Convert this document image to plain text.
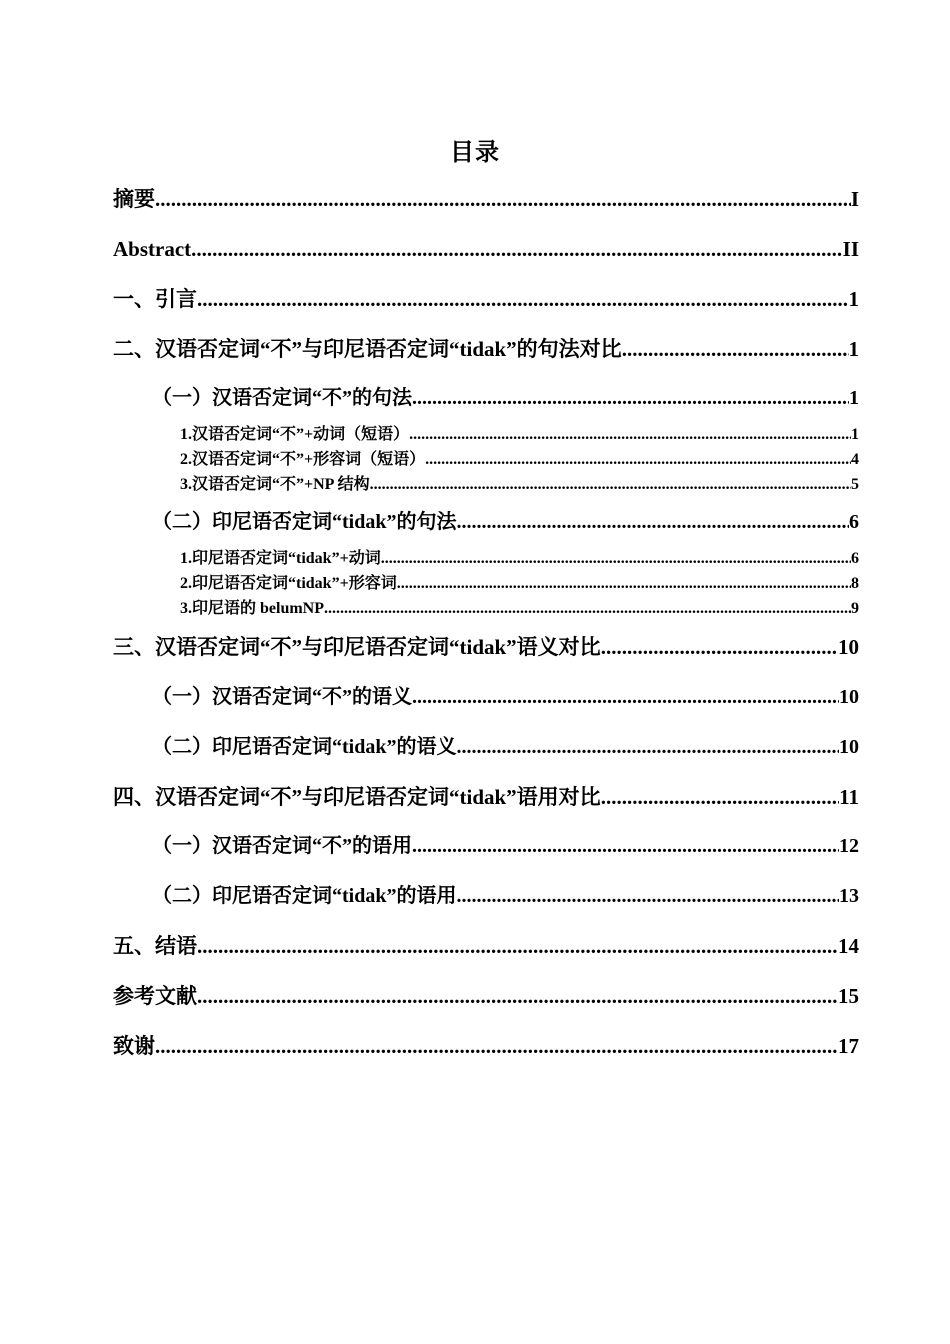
目录
摘要 .....	I
Abstract .....	II
一、引言 .....	1
二、汉语否定词“不”与印尼语否定词“tidak”的句法对比 .....	1
（一）汉语否定词“不”的句法 .....	1
1.汉语否定词“不”+动词（短语） .....	1
2.汉语否定词“不”+形容词（短语） .....	4
3.汉语否定词“不”+NP 结构 .....	5
（二）印尼语否定词“tidak”的句法 .....	6
1.印尼语否定词“tidak”+动词 .....	6
2.印尼语否定词“tidak”+形容词 .....	8
3.印尼语的 belumNP .....	9
三、汉语否定词“不”与印尼语否定词“tidak”语义对比 .....	10
（一）汉语否定词“不”的语义 .....	10
（二）印尼语否定词“tidak”的语义 .....	10
四、汉语否定词“不”与印尼语否定词“tidak”语用对比 .....	11
（一）汉语否定词“不”的语用 .....	12
（二）印尼语否定词“tidak”的语用 .....	13
五、结语 .....	14
参考文献 .....	15
致谢 .....	17
